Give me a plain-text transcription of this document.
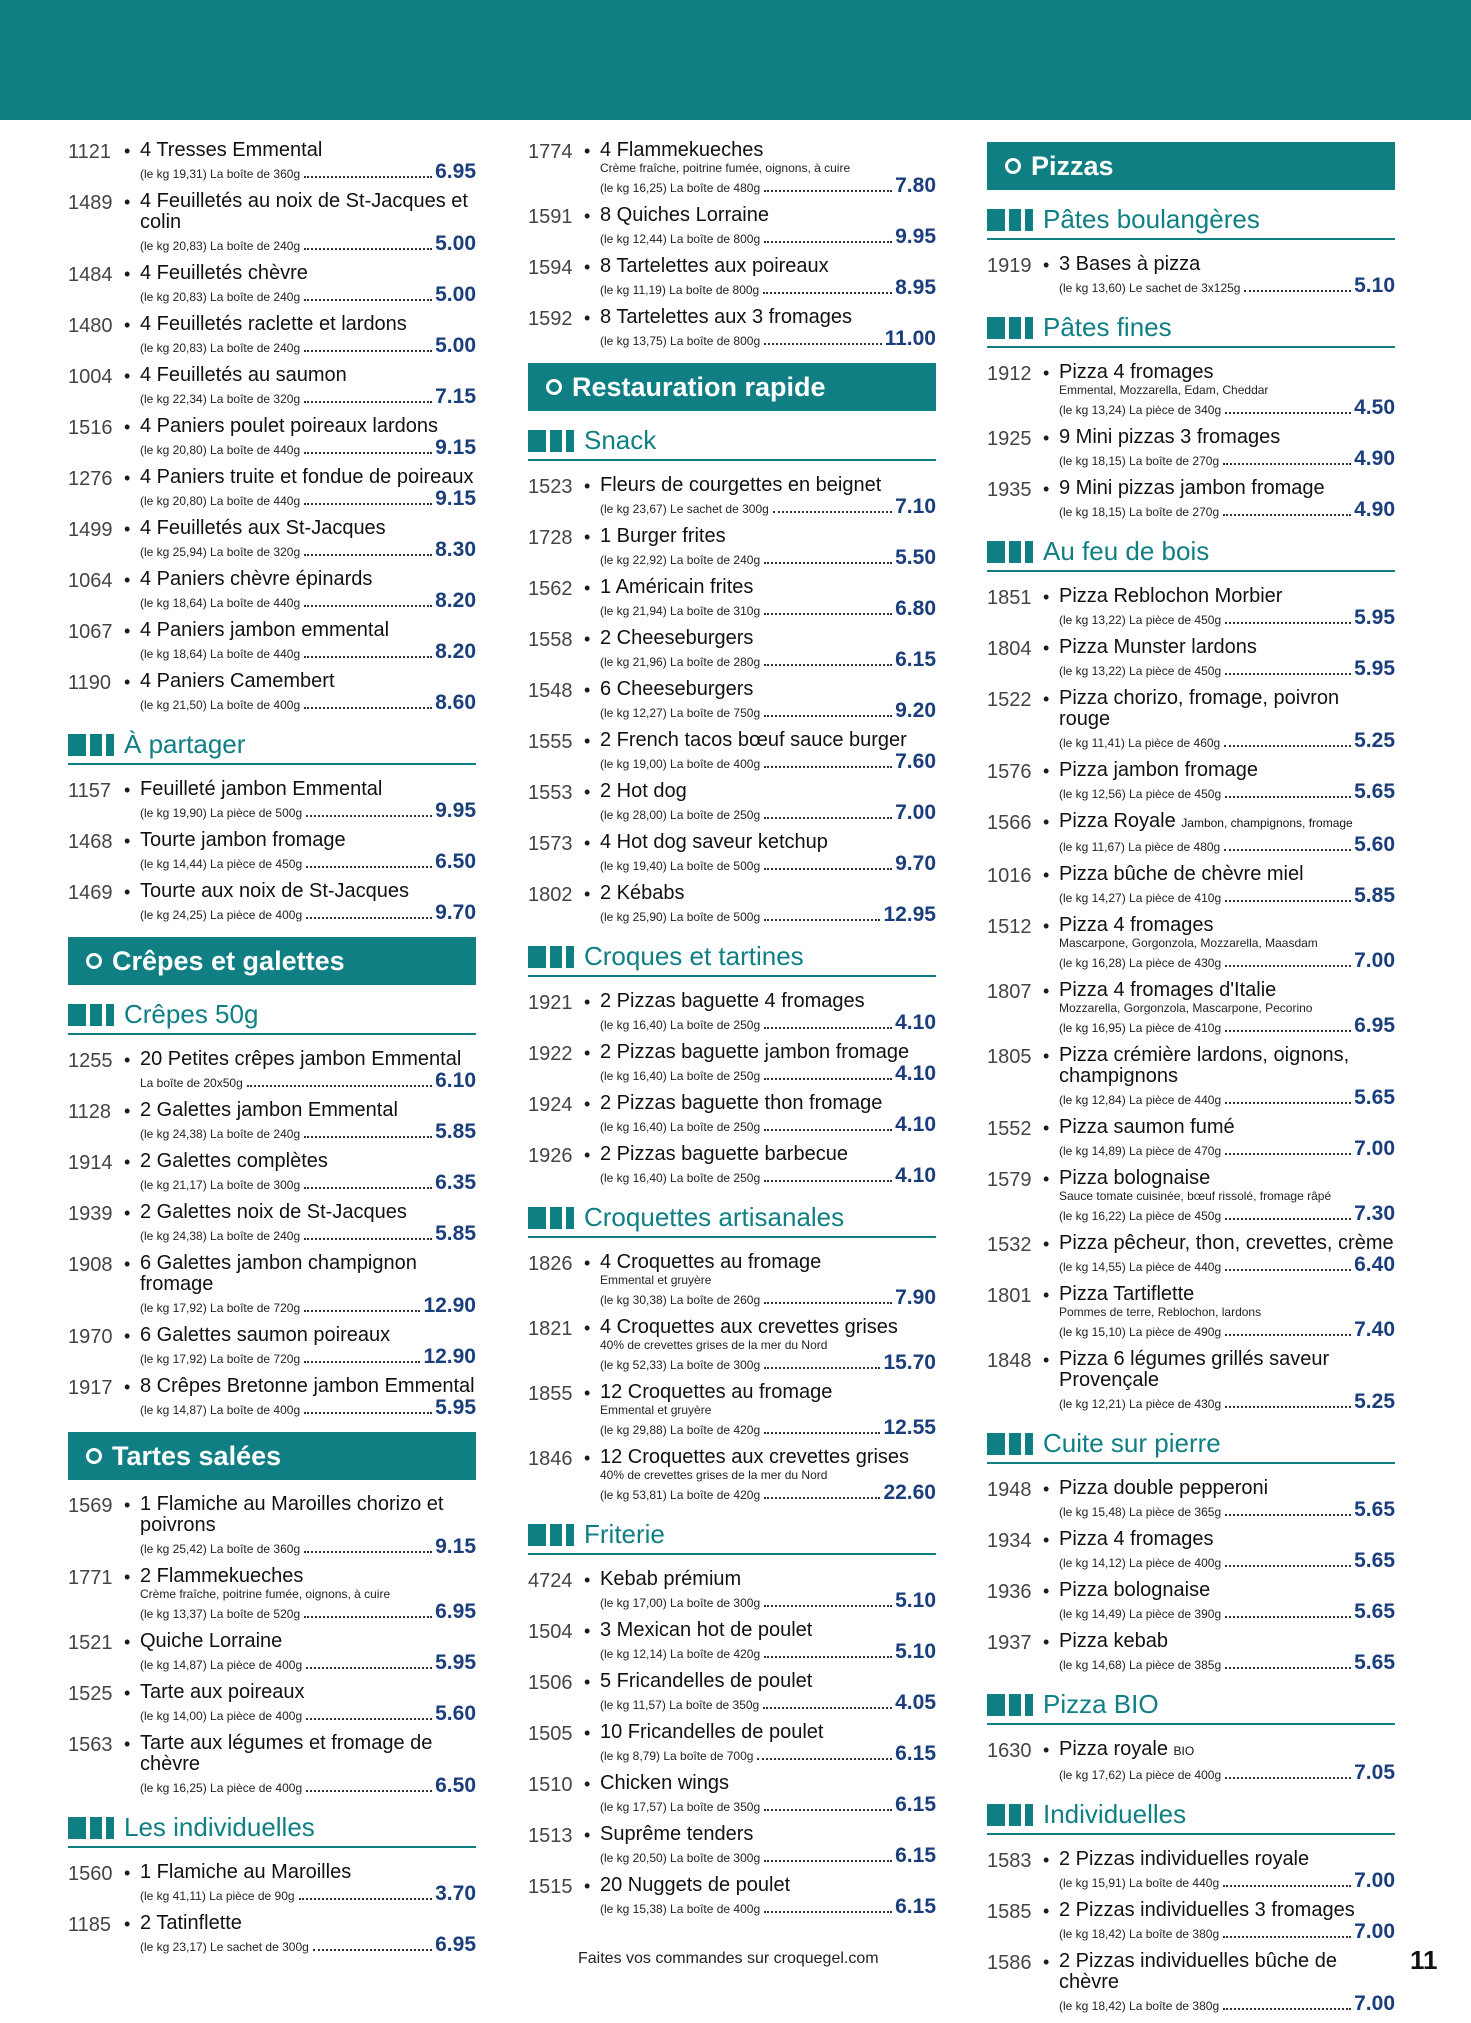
1121 • 4 Tresses Emmental
(le kg 19,31) La boîte de 360g	6.95
1489 • 4 Feuilletés au noix de St-Jacques et colin
(le kg 20,83) La boîte de 240g	5.00
1484 • 4 Feuilletés chèvre
(le kg 20,83) La boîte de 240g	5.00
1480 • 4 Feuilletés raclette et lardons
(le kg 20,83) La boîte de 240g	5.00
1004 • 4 Feuilletés au saumon
(le kg 22,34) La boîte de 320g	7.15
1516 • 4 Paniers poulet poireaux lardons
(le kg 20,80) La boîte de 440g	9.15
1276 • 4 Paniers truite et fondue de poireaux
(le kg 20,80) La boîte de 440g	9.15
1499 • 4 Feuilletés aux St-Jacques
(le kg 25,94) La boîte de 320g	8.30
1064 • 4 Paniers chèvre épinards
(le kg 18,64) La boîte de 440g	8.20
1067 • 4 Paniers jambon emmental
(le kg 18,64) La boîte de 440g	8.20
1190 • 4 Paniers Camembert
(le kg 21,50) La boîte de 400g	8.60
À partager
1157 • Feuilleté jambon Emmental
(le kg 19,90) La pièce de 500g	9.95
1468 • Tourte jambon fromage
(le kg 14,44) La pièce de 450g	6.50
1469 • Tourte aux noix de St-Jacques
(le kg 24,25) La pièce de 400g	9.70
Crêpes et galettes
Crêpes 50g
1255 • 20 Petites crêpes jambon Emmental
La boîte de 20x50g	6.10
1128 • 2 Galettes jambon Emmental
(le kg 24,38) La boîte de 240g	5.85
1914 • 2 Galettes complètes
(le kg 21,17) La boîte de 300g	6.35
1939 • 2 Galettes noix de St-Jacques
(le kg 24,38) La boîte de 240g	5.85
1908 • 6 Galettes jambon champignon fromage
(le kg 17,92) La boîte de 720g	12.90
1970 • 6 Galettes saumon poireaux
(le kg 17,92) La boîte de 720g	12.90
1917 • 8 Crêpes Bretonne jambon Emmental
(le kg 14,87) La boîte de 400g	5.95
Tartes salées
1569 • 1 Flamiche au Maroilles chorizo et poivrons
(le kg 25,42) La boîte de 360g	9.15
1771 • 2 Flammekueches
Crème fraîche, poitrine fumée, oignons, à cuire
(le kg 13,37) La boîte de 520g	6.95
1521 • Quiche Lorraine
(le kg 14,87) La pièce de 400g	5.95
1525 • Tarte aux poireaux
(le kg 14,00) La pièce de 400g	5.60
1563 • Tarte aux légumes et fromage de chèvre
(le kg 16,25) La pièce de 400g	6.50
Les individuelles
1560 • 1 Flamiche au Maroilles
(le kg 41,11) La pièce de 90g	3.70
1185 • 2 Tatinflette
(le kg 23,17) Le sachet de 300g	6.95
1774 • 4 Flammekueches
Crème fraîche, poitrine fumée, oignons, à cuire
(le kg 16,25) La boîte de 480g	7.80
1591 • 8 Quiches Lorraine
(le kg 12,44) La boîte de 800g	9.95
1594 • 8 Tartelettes aux poireaux
(le kg 11,19) La boîte de 800g	8.95
1592 • 8 Tartelettes aux 3 fromages
(le kg 13,75) La boîte de 800g	11.00
Restauration rapide
Snack
1523 • Fleurs de courgettes en beignet
(le kg 23,67) Le sachet de 300g	7.10
1728 • 1 Burger frites
(le kg 22,92) La boîte de 240g	5.50
1562 • 1 Américain frites
(le kg 21,94) La boîte de 310g	6.80
1558 • 2 Cheeseburgers
(le kg 21,96) La boîte de 280g	6.15
1548 • 6 Cheeseburgers
(le kg 12,27) La boîte de 750g	9.20
1555 • 2 French tacos bœuf sauce burger
(le kg 19,00) La boîte de 400g	7.60
1553 • 2 Hot dog
(le kg 28,00) La boîte de 250g	7.00
1573 • 4 Hot dog saveur ketchup
(le kg 19,40) La boîte de 500g	9.70
1802 • 2 Kébabs
(le kg 25,90) La boîte de 500g	12.95
Croques et tartines
1921 • 2 Pizzas baguette 4 fromages
(le kg 16,40) La boîte de 250g	4.10
1922 • 2 Pizzas baguette jambon fromage
(le kg 16,40) La boîte de 250g	4.10
1924 • 2 Pizzas baguette thon fromage
(le kg 16,40) La boîte de 250g	4.10
1926 • 2 Pizzas baguette barbecue
(le kg 16,40) La boîte de 250g	4.10
Croquettes artisanales
1826 • 4 Croquettes au fromage
Emmental et gruyère
(le kg 30,38) La boîte de 260g	7.90
1821 • 4 Croquettes aux crevettes grises
40% de crevettes grises de la mer du Nord
(le kg 52,33) La boîte de 300g	15.70
1855 • 12 Croquettes au fromage
Emmental et gruyère
(le kg 29,88) La boîte de 420g	12.55
1846 • 12 Croquettes aux crevettes grises
40% de crevettes grises de la mer du Nord
(le kg 53,81) La boîte de 420g	22.60
Friterie
4724 • Kebab prémium
(le kg 17,00) La boîte de 300g	5.10
1504 • 3 Mexican hot de poulet
(le kg 12,14) La boîte de 420g	5.10
1506 • 5 Fricandelles de poulet
(le kg 11,57) La boîte de 350g	4.05
1505 • 10 Fricandelles de poulet
(le kg 8,79) La boîte de 700g	6.15
1510 • Chicken wings
(le kg 17,57) La boîte de 350g	6.15
1513 • Suprême tenders
(le kg 20,50) La boîte de 300g	6.15
1515 • 20 Nuggets de poulet
(le kg 15,38) La boîte de 400g	6.15
Pizzas
Pâtes boulangères
1919 • 3 Bases à pizza
(le kg 13,60) Le sachet de 3x125g	5.10
Pâtes fines
1912 • Pizza 4 fromages
Emmental, Mozzarella, Edam, Cheddar
(le kg 13,24) La pièce de 340g	4.50
1925 • 9 Mini pizzas 3 fromages
(le kg 18,15) La boîte de 270g	4.90
1935 • 9 Mini pizzas jambon fromage
(le kg 18,15) La boîte de 270g	4.90
Au feu de bois
1851 • Pizza Reblochon Morbier
(le kg 13,22) La pièce de 450g	5.95
1804 • Pizza Munster lardons
(le kg 13,22) La pièce de 450g	5.95
1522 • Pizza chorizo, fromage, poivron rouge
(le kg 11,41) La pièce de 460g	5.25
1576 • Pizza jambon fromage
(le kg 12,56) La pièce de 450g	5.65
1566 • Pizza Royale Jambon, champignons, fromage
(le kg 11,67) La pièce de 480g	5.60
1016 • Pizza bûche de chèvre miel
(le kg 14,27) La pièce de 410g	5.85
1512 • Pizza 4 fromages
Mascarpone, Gorgonzola, Mozzarella, Maasdam
(le kg 16,28) La pièce de 430g	7.00
1807 • Pizza 4 fromages d'Italie
Mozzarella, Gorgonzola, Mascarpone, Pecorino
(le kg 16,95) La pièce de 410g	6.95
1805 • Pizza crémière lardons, oignons, champignons
(le kg 12,84) La pièce de 440g	5.65
1552 • Pizza saumon fumé
(le kg 14,89) La pièce de 470g	7.00
1579 • Pizza bolognaise
Sauce tomate cuisinée, bœuf rissolé, fromage râpé
(le kg 16,22) La pièce de 450g	7.30
1532 • Pizza pêcheur, thon, crevettes, crème
(le kg 14,55) La pièce de 440g	6.40
1801 • Pizza Tartiflette
Pommes de terre, Reblochon, lardons
(le kg 15,10) La pièce de 490g	7.40
1848 • Pizza 6 légumes grillés saveur Provençale
(le kg 12,21) La pièce de 430g	5.25
Cuite sur pierre
1948 • Pizza double pepperoni
(le kg 15,48) La pièce de 365g	5.65
1934 • Pizza 4 fromages
(le kg 14,12) La pièce de 400g	5.65
1936 • Pizza bolognaise
(le kg 14,49) La pièce de 390g	5.65
1937 • Pizza kebab
(le kg 14,68) La pièce de 385g	5.65
Pizza BIO
1630 • Pizza royale BIO
(le kg 17,62) La pièce de 400g	7.05
Individuelles
1583 • 2 Pizzas individuelles royale
(le kg 15,91) La boîte de 440g	7.00
1585 • 2 Pizzas individuelles 3 fromages
(le kg 18,42) La boîte de 380g	7.00
1586 • 2 Pizzas individuelles bûche de chèvre
(le kg 18,42) La boîte de 380g	7.00
Faites vos commandes sur croquegel.com	11
